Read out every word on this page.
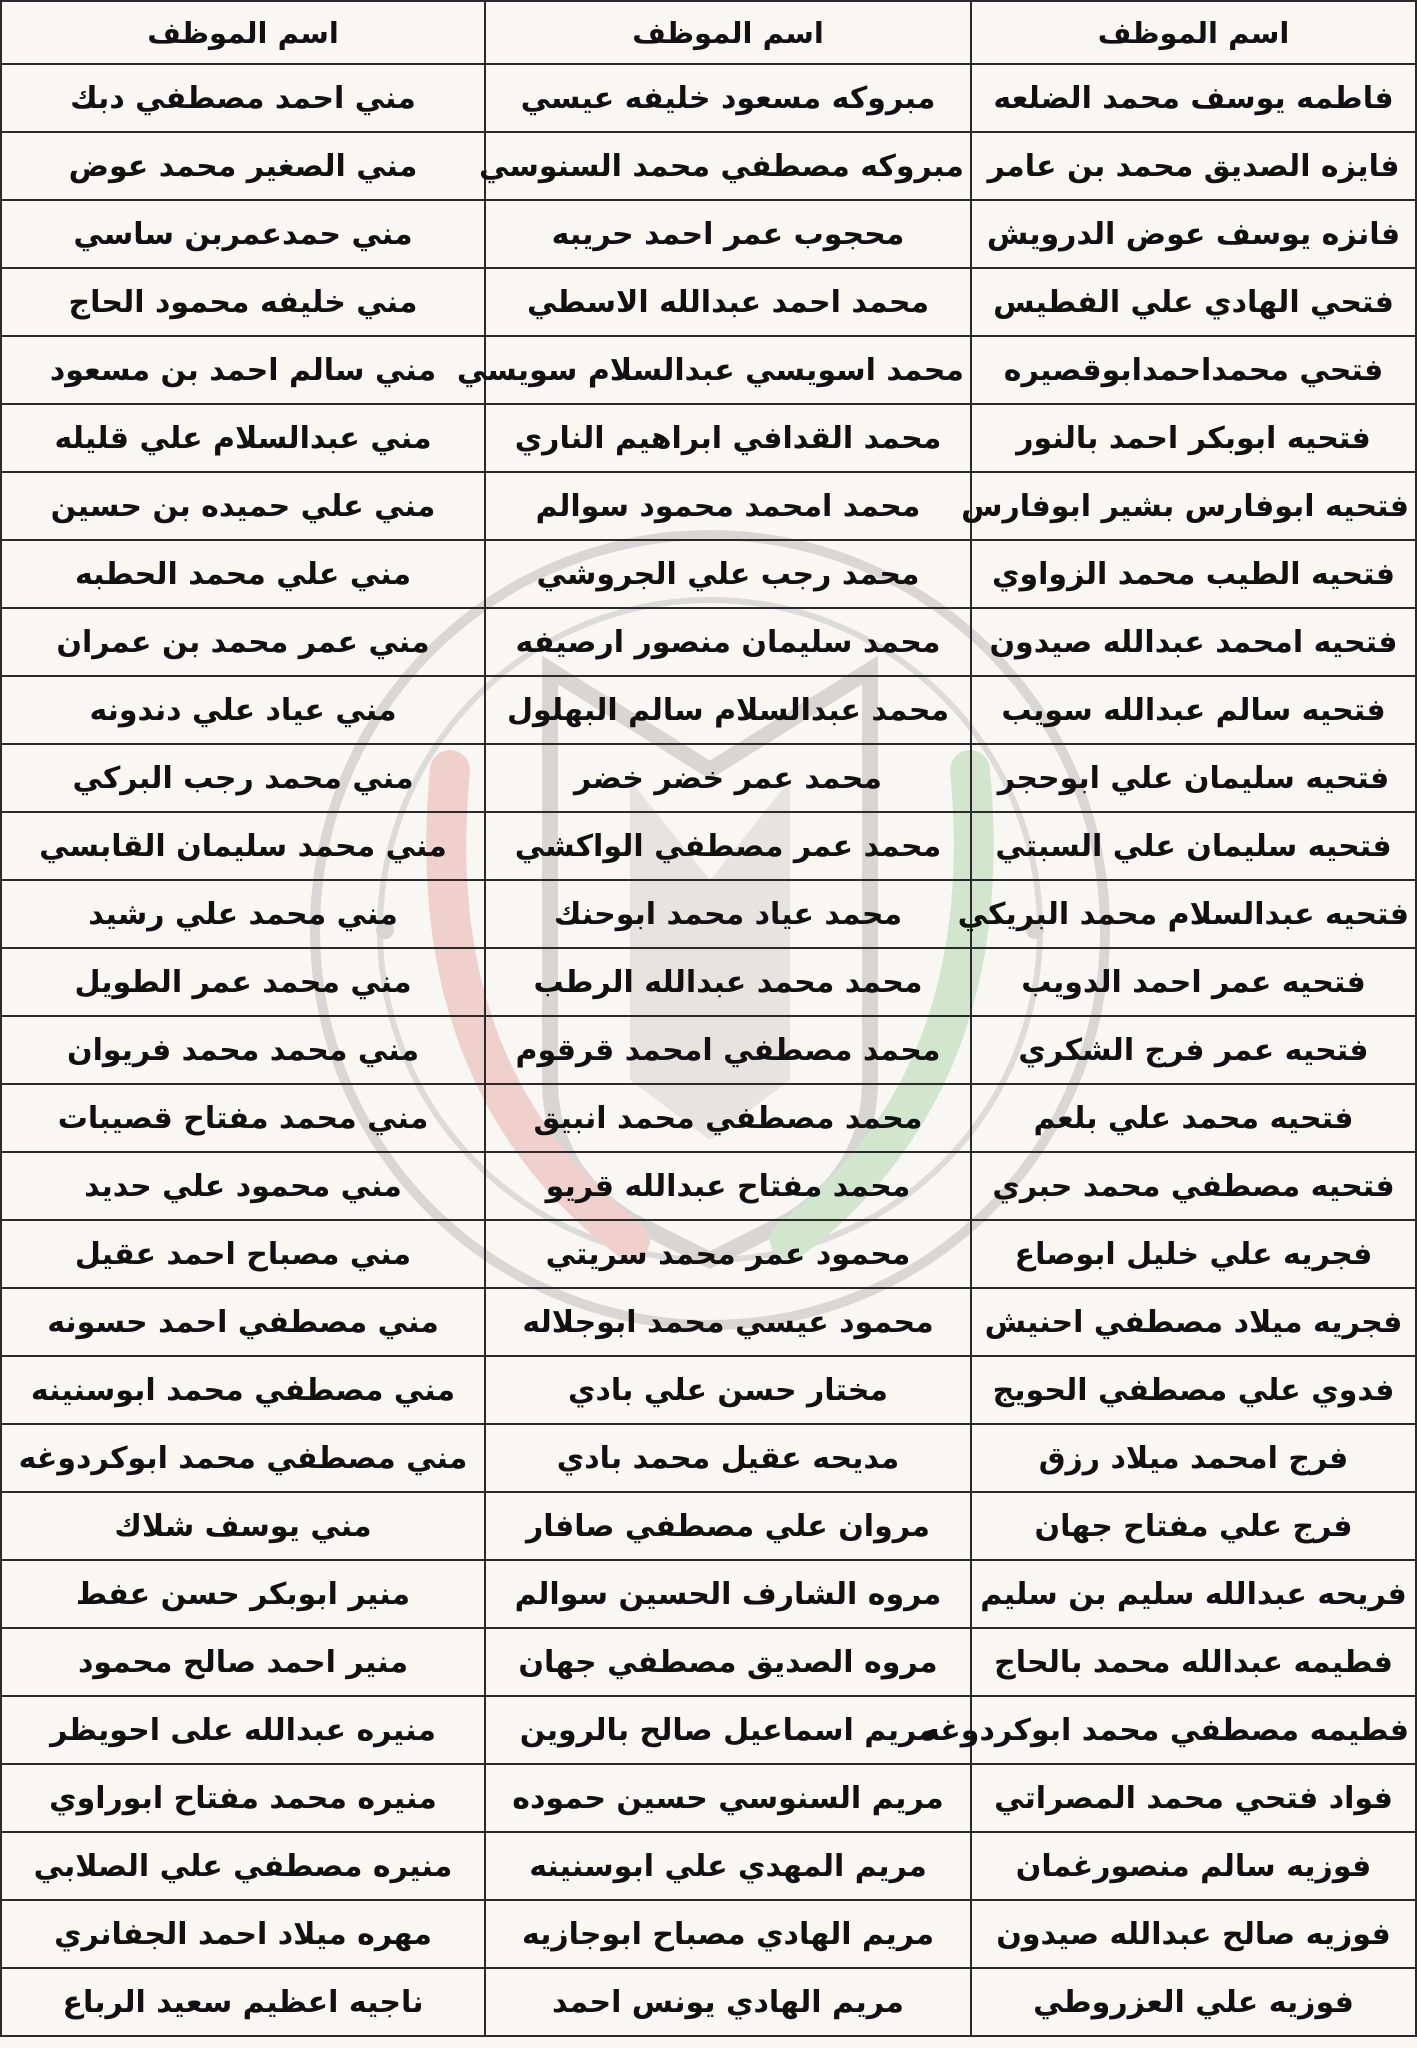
اسم الموظف	اسم الموظف	اسم الموظف
فاطمه يوسف محمد الضلعه	مبروكه مسعود خليفه عيسي	مني احمد مصطفي دبك
فايزه الصديق محمد بن عامر	مبروكه مصطفي محمد السنوسي	مني الصغير محمد عوض
فانزه يوسف عوض الدرويش	محجوب عمر احمد حريبه	مني حمدعمربن ساسي
فتحي الهادي علي الفطيس	محمد احمد عبدالله الاسطي	مني خليفه محمود الحاج
فتحي محمداحمدابوقصيره	محمد اسويسي عبدالسلام سويسي	مني سالم احمد بن مسعود
فتحيه ابوبكر احمد بالنور	محمد القدافي ابراهيم الناري	مني عبدالسلام علي قليله
فتحيه ابوفارس بشير ابوفارس	محمد امحمد محمود سوالم	مني علي حميده بن حسين
فتحيه الطيب محمد الزواوي	محمد رجب علي الجروشي	مني علي محمد الحطبه
فتحيه امحمد عبدالله صيدون	محمد سليمان منصور ارصيفه	مني عمر محمد بن عمران
فتحيه سالم عبدالله سويب	محمد عبدالسلام سالم البهلول	مني عياد علي دندونه
فتحيه سليمان علي ابوحجر	محمد عمر خضر خضر	مني محمد رجب البركي
فتحيه سليمان علي السبتي	محمد عمر مصطفي الواكشي	مني محمد سليمان القابسي
فتحيه عبدالسلام محمد البريكي	محمد عياد محمد ابوحنك	مني محمد علي رشيد
فتحيه عمر احمد الدويب	محمد محمد عبدالله الرطب	مني محمد عمر الطويل
فتحيه عمر فرج الشكري	محمد مصطفي امحمد قرقوم	مني محمد محمد فريوان
فتحيه محمد علي بلعم	محمد مصطفي محمد انبيق	مني محمد مفتاح قصيبات
فتحيه مصطفي محمد حبري	محمد مفتاح عبدالله قريو	مني محمود علي حديد
فجريه علي خليل ابوصاع	محمود عمر محمد سريتي	مني مصباح احمد عقيل
فجريه ميلاد مصطفي احنيش	محمود عيسي محمد ابوجلاله	مني مصطفي احمد حسونه
فدوي علي مصطفي الحويج	مختار حسن علي بادي	مني مصطفي محمد ابوسنينه
فرج امحمد ميلاد رزق	مديحه عقيل محمد بادي	مني مصطفي محمد ابوكردوغه
فرج علي مفتاح جهان	مروان علي مصطفي صافار	مني يوسف شلاك
فريحه عبدالله سليم بن سليم	مروه الشارف الحسين سوالم	منير ابوبكر حسن عفط
فطيمه عبدالله محمد بالحاج	مروه الصديق مصطفي جهان	منير احمد صالح محمود
فطيمه مصطفي محمد ابوكردوغه	مريم اسماعيل صالح بالروين	منيره عبدالله على احويظر
فواد فتحي محمد المصراتي	مريم السنوسي حسين حموده	منيره محمد مفتاح ابوراوي
فوزيه سالم منصورغمان	مريم المهدي علي ابوسنينه	منيره مصطفي علي الصلابي
فوزيه صالح عبدالله صيدون	مريم الهادي مصباح ابوجازيه	مهره ميلاد احمد الجفانري
فوزيه علي العزروطي	مريم الهادي يونس احمد	ناجيه اعظيم سعيد الرباع
